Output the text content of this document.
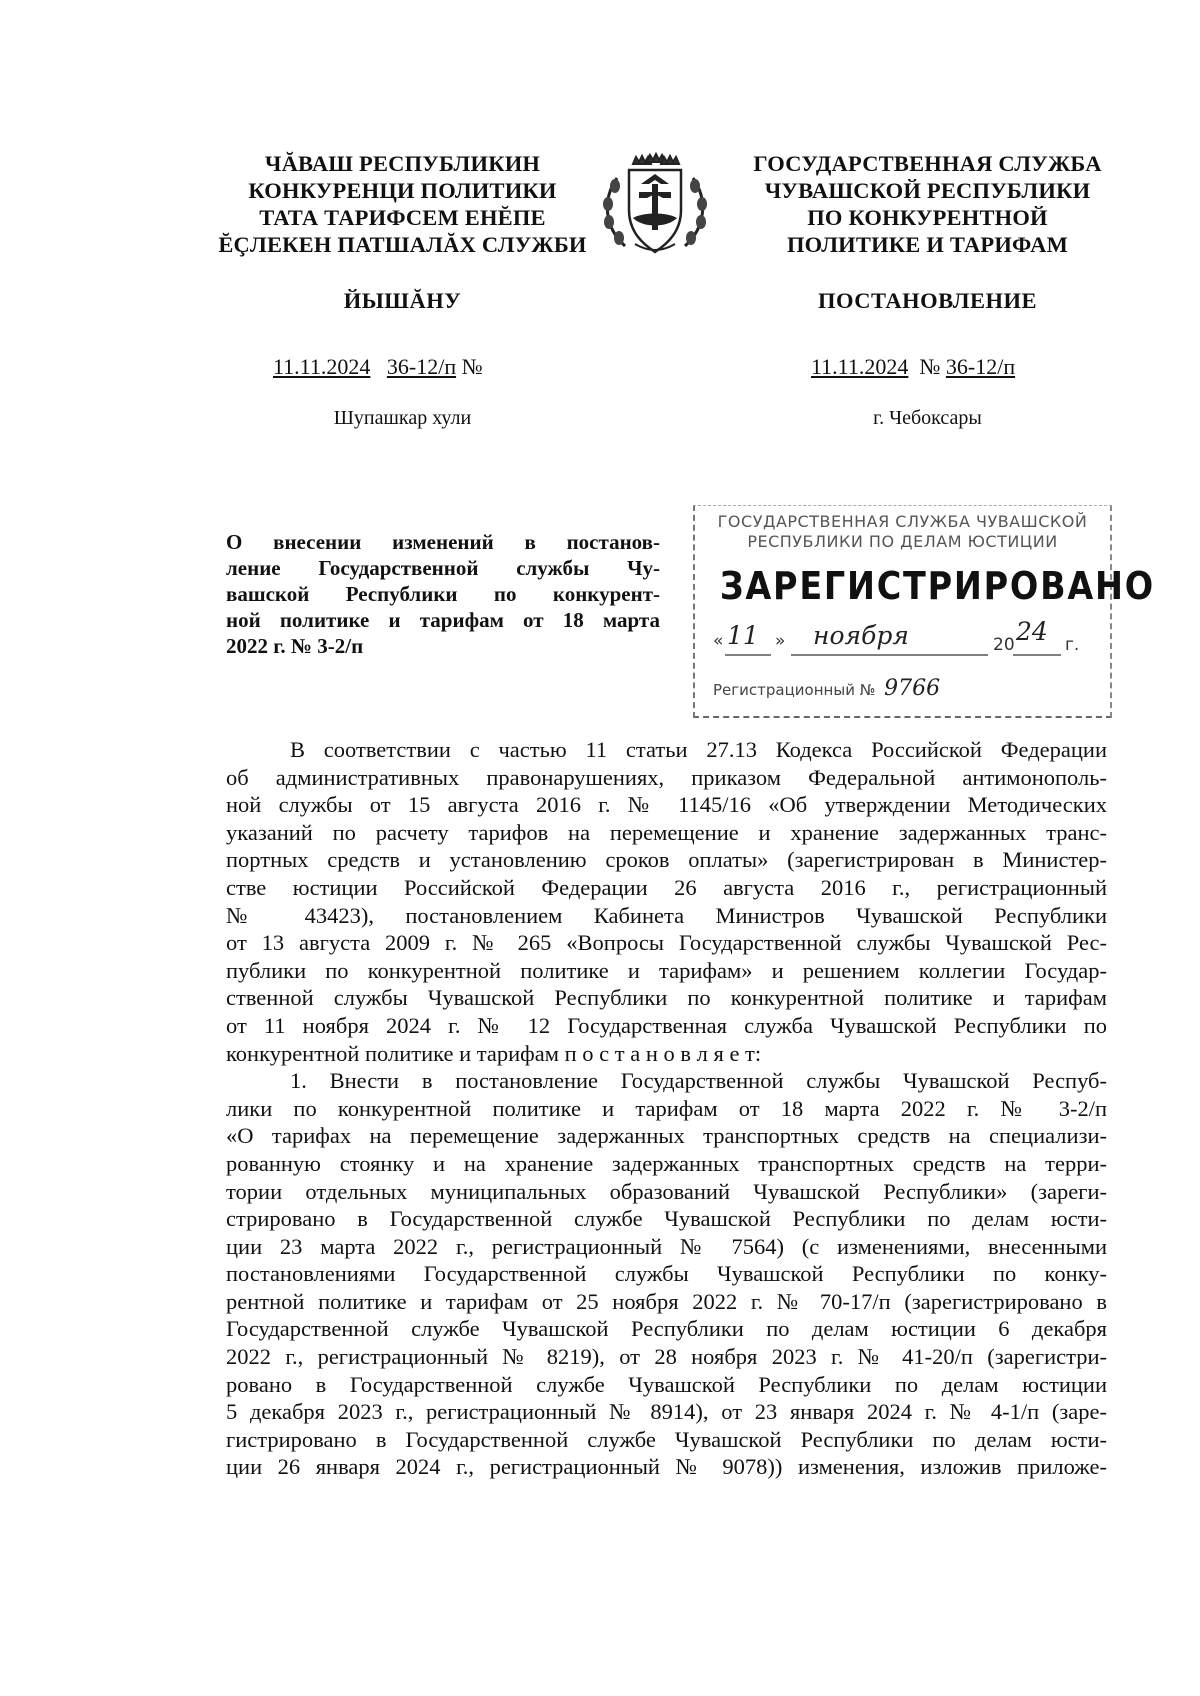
ЧĂВАШ РЕСПУБЛИКИН
КОНКУРЕНЦИ ПОЛИТИКИ
ТАТА ТАРИФСЕМ ЕНĔПЕ
ĔÇЛЕКЕН ПАТШАЛĂХ СЛУЖБИ
ГОСУДАРСТВЕННАЯ СЛУЖБА
ЧУВАШСКОЙ РЕСПУБЛИКИ
ПО КОНКУРЕНТНОЙ
ПОЛИТИКЕ И ТАРИФАМ
ЙЫШĂНУ	ПОСТАНОВЛЕНИЕ
11.11.2024 36-12/п №	11.11.2024 № 36-12/п
Шупашкар хули	г. Чебоксары
О внесении изменений в постанов-
ление Государственной службы Чу-
вашской Республики по конкурент-
ной политике и тарифам от 18 марта
2022 г. № 3-2/п
ГОСУДАРСТВЕННАЯ СЛУЖБА ЧУВАШСКОЙ
РЕСПУБЛИКИ ПО ДЕЛАМ ЮСТИЦИИ
ЗАРЕГИСТРИРОВАНО
« 11 » ноября	20 24 г.
Регистрационный № 9766
В соответствии с частью 11 статьи 27.13 Кодекса Российской Федерации
об административных правонарушениях, приказом Федеральной антимонополь-
ной службы от 15 августа 2016 г. № 1145/16 «Об утверждении Методических
указаний по расчету тарифов на перемещение и хранение задержанных транс-
портных средств и установлению сроков оплаты» (зарегистрирован в Министер-
стве юстиции Российской Федерации 26 августа 2016 г., регистрационный
№ 43423), постановлением Кабинета Министров Чувашской Республики
от 13 августа 2009 г. № 265 «Вопросы Государственной службы Чувашской Рес-
публики по конкурентной политике и тарифам» и решением коллегии Государ-
ственной службы Чувашской Республики по конкурентной политике и тарифам
от 11 ноября 2024 г. № 12 Государственная служба Чувашской Республики по
конкурентной политике и тарифам п о с т а н о в л я е т:
1. Внести в постановление Государственной службы Чувашской Респуб-
лики по конкурентной политике и тарифам от 18 марта 2022 г. № 3-2/п
«О тарифах на перемещение задержанных транспортных средств на специализи-
рованную стоянку и на хранение задержанных транспортных средств на терри-
тории отдельных муниципальных образований Чувашской Республики» (зареги-
стрировано в Государственной службе Чувашской Республики по делам юсти-
ции 23 марта 2022 г., регистрационный № 7564) (с изменениями, внесенными
постановлениями Государственной службы Чувашской Республики по конку-
рентной политике и тарифам от 25 ноября 2022 г. № 70-17/п (зарегистрировано в
Государственной службе Чувашской Республики по делам юстиции 6 декабря
2022 г., регистрационный № 8219), от 28 ноября 2023 г. № 41-20/п (зарегистри-
ровано в Государственной службе Чувашской Республики по делам юстиции
5 декабря 2023 г., регистрационный № 8914), от 23 января 2024 г. № 4-1/п (заре-
гистрировано в Государственной службе Чувашской Республики по делам юсти-
ции 26 января 2024 г., регистрационный № 9078)) изменения, изложив приложе-
